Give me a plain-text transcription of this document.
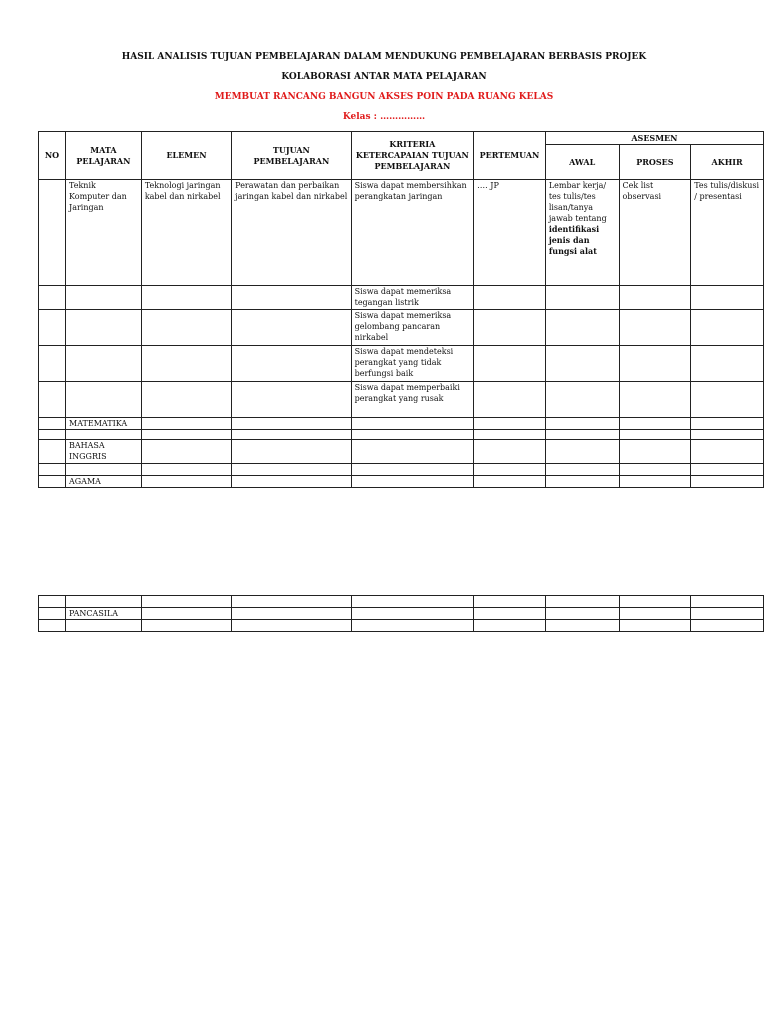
HASIL ANALISIS TUJUAN PEMBELAJARAN DALAM MENDUKUNG PEMBELAJARAN BERBASIS PROJEK
KOLABORASI ANTAR MATA PELAJARAN
MEMBUAT RANCANG BANGUN AKSES POIN PADA RUANG KELAS
Kelas : ……………
NO	MATA PELAJARAN	ELEMEN	TUJUAN PEMBELAJARAN	KRITERIA KETERCAPAIAN TUJUAN PEMBELAJARAN	PERTEMUAN	ASESMEN		
						AWAL	PROSES	AKHIR
	Teknik Komputer dan Jaringan	Teknologi jaringan kabel dan nirkabel	Perawatan dan perbaikan jaringan kabel dan nirkabel	Siswa dapat membersihkan perangkatan jaringan	…. JP	Lembar kerja/ tes tulis/tes lisan/tanya jawab tentang identifikasi jenis dan fungsi alat	Cek list observasi	Tes tulis/diskusi / presentasi
				Siswa dapat memeriksa tegangan listrik				
				Siswa dapat memeriksa gelombang pancaran nirkabel				
				Siswa dapat mendeteksi perangkat yang tidak berfungsi baik				
				Siswa dapat memperbaiki perangkat yang rusak				
	MATEMATIKA							

	BAHASA INGGRIS							

	AGAMA							

	PANCASILA							
